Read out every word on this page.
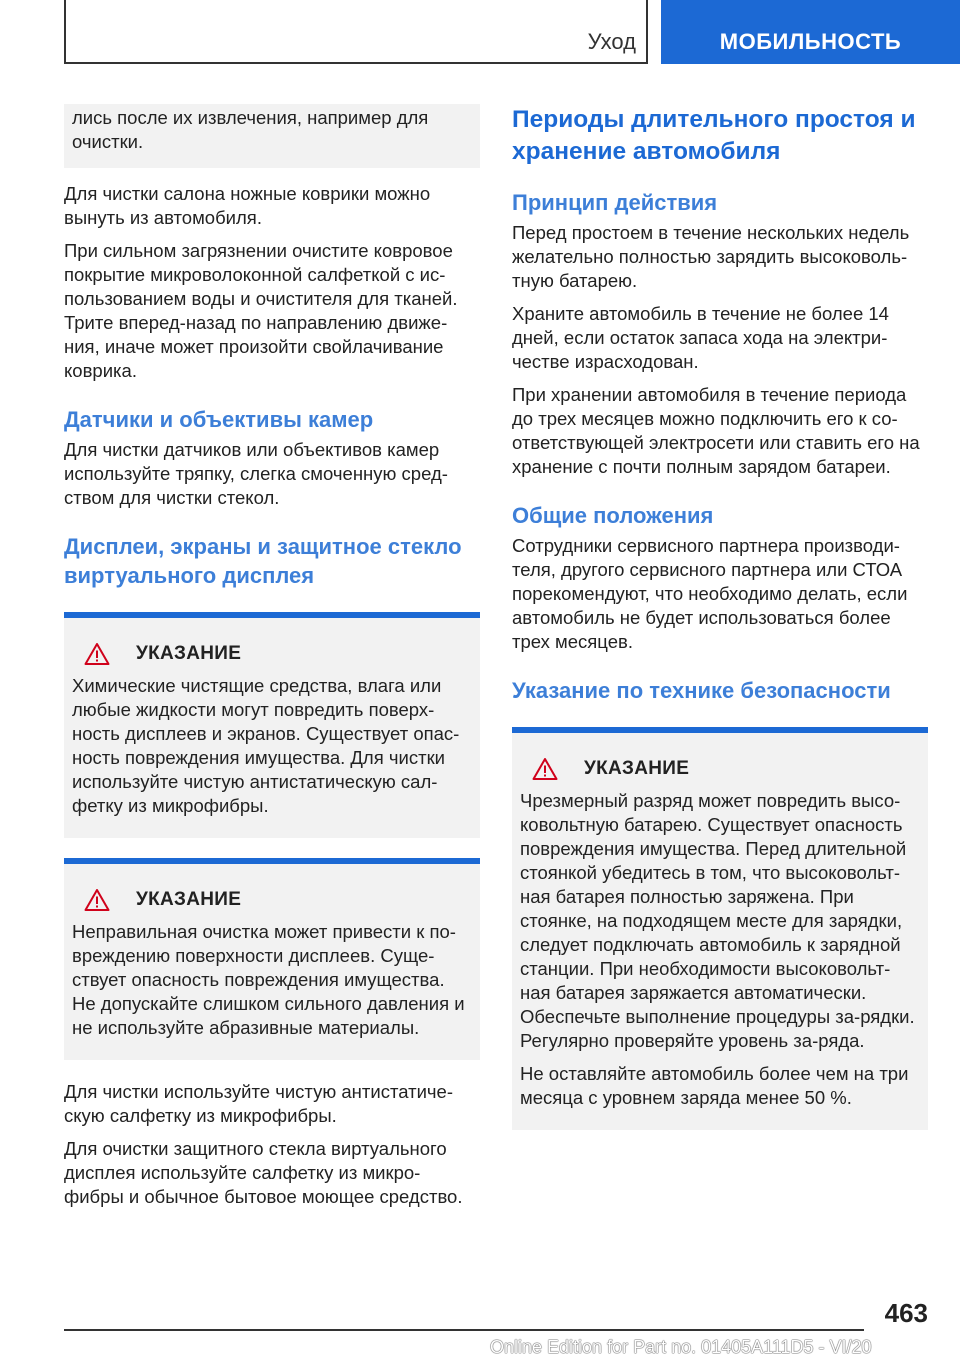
Уход	МОБИЛЬНОСТЬ

лись после их извлечения, например для очистки.

Для чистки салона ножные коврики можно вынуть из автомобиля.

При сильном загрязнении очистите ковровое покрытие микроволоконной салфеткой с ис-пользованием воды и очистителя для тканей. Трите вперед-назад по направлению движе-ния, иначе может произойти свойлачивание коврика.

Датчики и объективы камер

Для чистки датчиков или объективов камер используйте тряпку, слегка смоченную сред-ством для чистки стекол.

Дисплеи, экраны и защитное стекло виртуального дисплея
УКАЗАНИЕ

Химические чистящие средства, влага или любые жидкости могут повредить поверх-ность дисплеев и экранов. Существует опас-ность повреждения имущества. Для чистки используйте чистую антистатическую сал-фетку из микрофибры.

УКАЗАНИЕ

Неправильная очистка может привести к по-вреждению поверхности дисплеев. Суще-ствует опасность повреждения имущества. Не допускайте слишком сильного давления и не используйте абразивные материалы.

Для чистки используйте чистую антистатиче-скую салфетку из микрофибры.

Для очистки защитного стекла виртуального дисплея используйте салфетку из микро-фибры и обычное бытовое моющее средство.

Периоды длительного простоя и хранение автомобиля
Принцип действия

Перед простоем в течение нескольких недель желательно полностью зарядить высоковоль-тную батарею.

Храните автомобиль в течение не более 14 дней, если остаток запаса хода на электри-честве израсходован.

При хранении автомобиля в течение периода до трех месяцев можно подключить его к со-ответствующей электросети или ставить его на хранение с почти полным зарядом батареи.

Общие положения

Сотрудники сервисного партнера производи-теля, другого сервисного партнера или СТОА порекомендуют, что необходимо делать, если автомобиль не будет использоваться более трех месяцев.

Указание по технике безопасности
УКАЗАНИЕ

Чрезмерный разряд может повредить высо-ковольтную батарею. Существует опасность повреждения имущества. Перед длительной стоянкой убедитесь в том, что высоковольт-ная батарея полностью заряжена. При стоянке, на подходящем месте для зарядки, следует подключать автомобиль к зарядной станции. При необходимости высоковольт-ная батарея заряжается автоматически. Обеспечьте выполнение процедуры за-рядки. Регулярно проверяйте уровень за-ряда.

Не оставляйте автомобиль более чем на три месяца с уровнем заряда менее 50 %.

463
Online Edition for Part no. 01405A111D5 - VI/20
